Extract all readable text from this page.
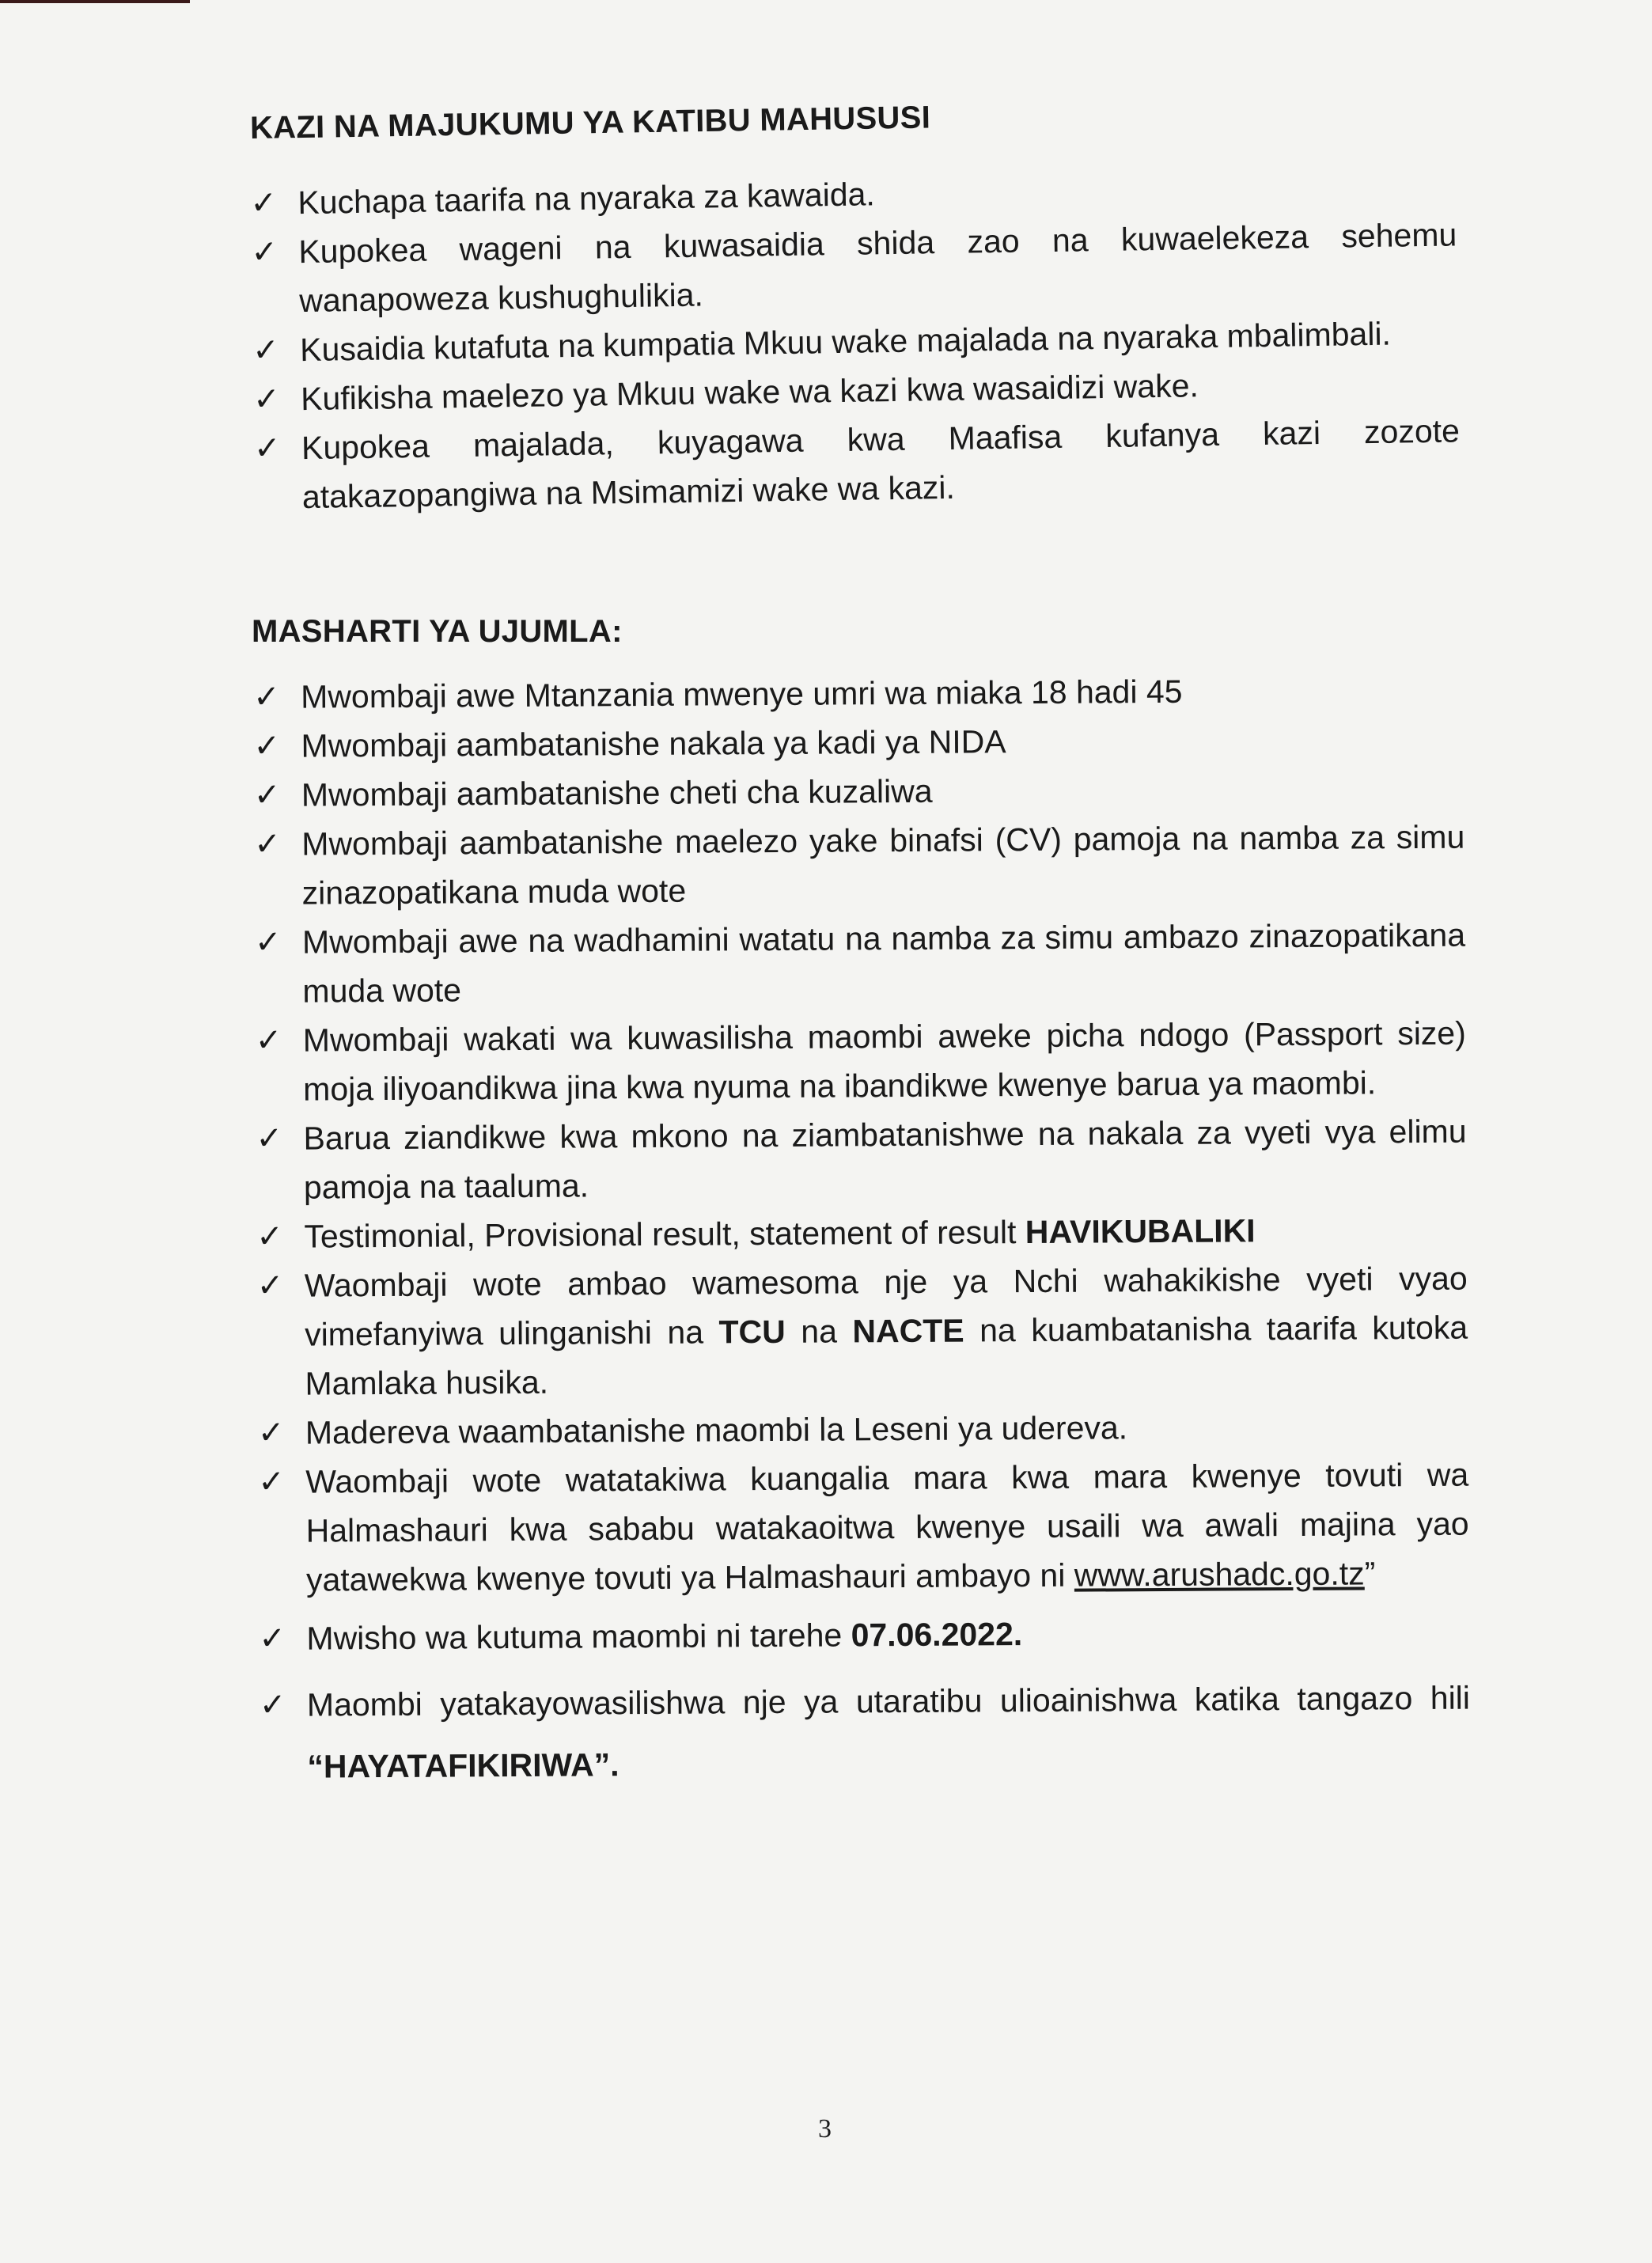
KAZI NA MAJUKUMU YA KATIBU MAHUSUSI
✓ Kuchapa taarifa na nyaraka za kawaida.
✓ Kupokea wageni na kuwasaidia shida zao na kuwaelekeza sehemu wanapoweza kushughulikia.
✓ Kusaidia kutafuta na kumpatia Mkuu wake majalada na nyaraka mbalimbali.
✓ Kufikisha maelezo ya Mkuu wake wa kazi kwa wasaidizi wake.
✓ Kupokea majalada, kuyagawa kwa Maafisa kufanya kazi zozote atakazopangiwa na Msimamizi wake wa kazi.
MASHARTI YA UJUMLA:
✓ Mwombaji awe Mtanzania mwenye umri wa miaka 18 hadi 45
✓ Mwombaji aambatanishe nakala ya kadi ya NIDA
✓ Mwombaji aambatanishe cheti cha kuzaliwa
✓ Mwombaji aambatanishe maelezo yake binafsi (CV) pamoja na namba za simu zinazopatikana muda wote
✓ Mwombaji awe na wadhamini watatu na namba za simu ambazo zinazopatikana muda wote
✓ Mwombaji wakati wa kuwasilisha maombi aweke picha ndogo (Passport size) moja iliyoandikwa jina kwa nyuma na ibandikwe kwenye barua ya maombi.
✓ Barua ziandikwe kwa mkono na ziambatanishwe na nakala za vyeti vya elimu pamoja na taaluma.
✓ Testimonial, Provisional result, statement of result HAVIKUBALIKI
✓ Waombaji wote ambao wamesoma nje ya Nchi wahakikishe vyeti vyao vimefanyiwa ulinganishi na TCU na NACTE na kuambatanisha taarifa kutoka Mamlaka husika.
✓ Madereva waambatanishe maombi la Leseni ya udereva.
✓ Waombaji wote watatakiwa kuangalia mara kwa mara kwenye tovuti wa Halmashauri kwa sababu watakaoitwa kwenye usaili wa awali majina yao yatawekwa kwenye tovuti ya Halmashauri ambayo ni www.arushadc.go.tz”
✓ Mwisho wa kutuma maombi ni tarehe 07.06.2022.
✓ Maombi yatakayowasilishwa nje ya utaratibu ulioainishwa katika tangazo hili “HAYATAFIKIRIWA”.
3
